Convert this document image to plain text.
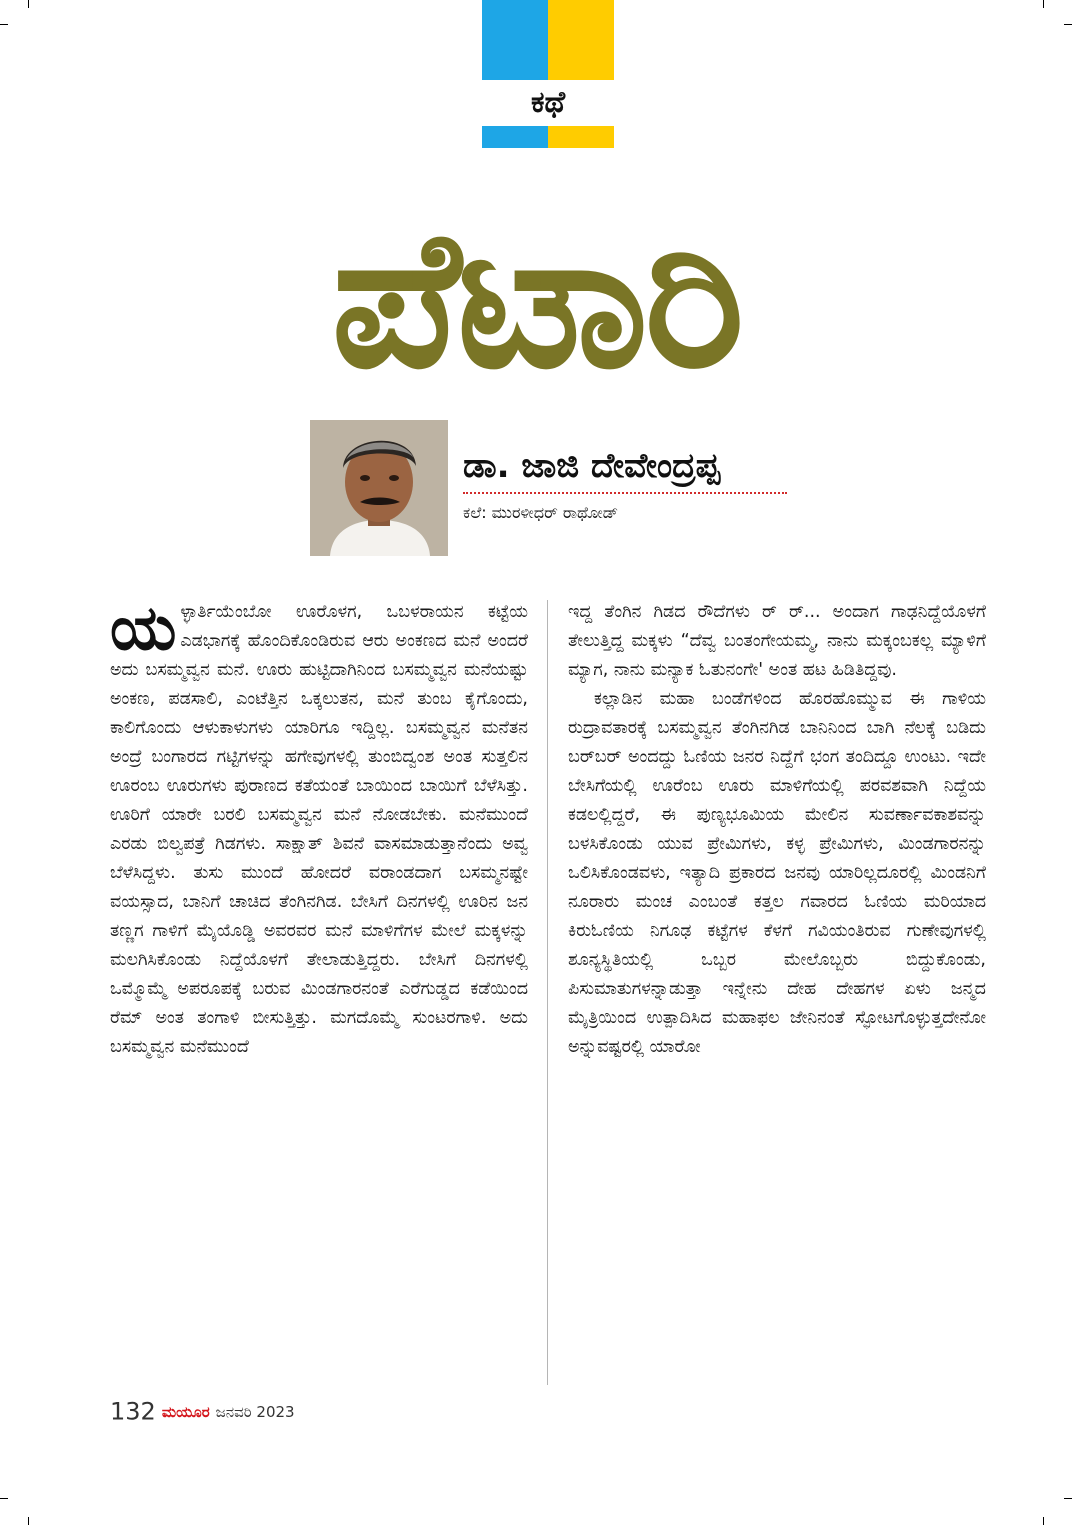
ಕಥೆ
ಪೆಟಾರಿ
ಡಾ. ಜಾಜಿ ದೇವೇಂದ್ರಪ್ಪ
ಕಲೆ: ಮುರಳೀಧರ್ ರಾಥೋಡ್

ಯಳ್ಳಾರ್ತಿಯೆಂಬೋ ಊರೊಳಗ, ಒಬಳರಾಯನ ಕಟ್ಟೆಯ ಎಡಭಾಗಕ್ಕೆ ಹೊಂದಿಕೊಂಡಿರುವ ಆರು ಅಂಕಣದ ಮನೆ ಅಂದರೆ ಅದು ಬಸಮ್ಮವ್ವನ ಮನೆ. ಊರು ಹುಟ್ಟಿದಾಗಿನಿಂದ ಬಸಮ್ಮವ್ವನ ಮನೆಯಷ್ಟು ಅಂಕಣ, ಪಡಸಾಲಿ, ಎಂಟೆತ್ತಿನ ಒಕ್ಕಲುತನ, ಮನೆ ತುಂಬ ಕೈಗೊಂದು, ಕಾಲಿಗೊಂದು ಆಳುಕಾಳುಗಳು ಯಾರಿಗೂ ಇದ್ದಿಲ್ಲ. ಬಸಮ್ಮವ್ವನ ಮನೆತನ ಅಂದ್ರೆ ಬಂಗಾರದ ಗಟ್ಟಿಗಳನ್ನು ಹಗೇವುಗಳಲ್ಲಿ ತುಂಬಿದ್ವಂಶ ಅಂತ ಸುತ್ತಲಿನ ಊರಂಬ ಊರುಗಳು ಪುರಾಣದ ಕತೆಯಂತೆ ಬಾಯಿಂದ ಬಾಯಿಗೆ ಬೆಳೆಸಿತ್ತು. ಊರಿಗೆ ಯಾರೇ ಬರಲಿ ಬಸಮ್ಮವ್ವನ ಮನೆ ನೋಡಬೇಕು. ಮನೆಮುಂದೆ ಎರಡು ಬಿಲ್ವಪತ್ರೆ ಗಿಡಗಳು. ಸಾಕ್ಷಾತ್ ಶಿವನೆ ವಾಸಮಾಡುತ್ತಾನೆಂದು ಅವ್ವ ಬೆಳೆಸಿದ್ದಳು. ತುಸು ಮುಂದೆ ಹೋದರೆ ವರಾಂಡದಾಗ ಬಸಮ್ಮನಷ್ಟೇ ವಯಸ್ಸಾದ, ಬಾನಿಗೆ ಚಾಚಿದ ತೆಂಗಿನಗಿಡ. ಬೇಸಿಗೆ ದಿನಗಳಲ್ಲಿ ಊರಿನ ಜನ ತಣ್ಣಗ ಗಾಳಿಗೆ ಮೈಯೊಡ್ಡಿ ಅವರವರ ಮನೆ ಮಾಳಿಗೆಗಳ ಮೇಲೆ ಮಕ್ಕಳನ್ನು ಮಲಗಿಸಿಕೊಂಡು ನಿದ್ದೆಯೊಳಗೆ ತೇಲಾಡುತ್ತಿದ್ದರು. ಬೇಸಿಗೆ ದಿನಗಳಲ್ಲಿ ಒಮ್ಮೊಮ್ಮೆ ಅಪರೂಪಕ್ಕೆ ಬರುವ ಮಿಂಡಗಾರನಂತೆ ಎರೆಗುಡ್ಡದ ಕಡೆಯಿಂದ ರೆಮ್ ಅಂತ ತಂಗಾಳಿ ಬೀಸುತ್ತಿತ್ತು. ಮಗದೊಮ್ಮೆ ಸುಂಟರಗಾಳಿ. ಅದು ಬಸಮ್ಮವ್ವನ ಮನೆಮುಂದೆ

ಇದ್ದ ತೆಂಗಿನ ಗಿಡದ ರೌದೆಗಳು ರ್ ರ್... ಅಂದಾಗ ಗಾಢನಿದ್ದೆಯೊಳಗೆ ತೇಲುತ್ತಿದ್ದ ಮಕ್ಕಳು “ದೆವ್ವ ಬಂತಂಗೇಯಮ್ಮ, ನಾನು ಮಕ್ಕಂಬಕಲ್ಲ ಮ್ಯಾಳಿಗೆ ಮ್ಯಾಗ, ನಾನು ಮನ್ಯಾಕ ಓತುನಂಗೇ' ಅಂತ ಹಟ ಹಿಡಿತಿದ್ದವು.

ಕಲ್ಲಾಡಿನ ಮಹಾ ಬಂಡೆಗಳಿಂದ ಹೊರಹೊಮ್ಮುವ ಈ ಗಾಳಿಯ ರುದ್ರಾವತಾರಕ್ಕೆ ಬಸಮ್ಮವ್ವನ ತೆಂಗಿನಗಿಡ ಬಾನಿನಿಂದ ಬಾಗಿ ನೆಲಕ್ಕೆ ಬಡಿದು ಬರ್‌ಬರ್ ಅಂದದ್ದು ಓಣಿಯ ಜನರ ನಿದ್ದೆಗೆ ಭಂಗ ತಂದಿದ್ದೂ ಉಂಟು. ಇದೇ ಬೇಸಿಗೆಯಲ್ಲಿ ಊರೆಂಬ ಊರು ಮಾಳಿಗೆಯಲ್ಲಿ ಪರವಶವಾಗಿ ನಿದ್ದೆಯ ಕಡಲಲ್ಲಿದ್ದರೆ, ಈ ಪುಣ್ಯಭೂಮಿಯ ಮೇಲಿನ ಸುವರ್ಣಾವಕಾಶವನ್ನು ಬಳಸಿಕೊಂಡು ಯುವ ಪ್ರೇಮಿಗಳು, ಕಳ್ಳ ಪ್ರೇಮಿಗಳು, ಮಿಂಡಗಾರನನ್ನು ಒಲಿಸಿಕೊಂಡವಳು, ಇತ್ಯಾದಿ ಪ್ರಕಾರದ ಜನವು ಯಾರಿಲ್ಲದೂರಲ್ಲಿ ಮಿಂಡನಿಗೆ ನೂರಾರು ಮಂಚ ಎಂಬಂತೆ ಕತ್ತಲ ಗವಾರದ ಓಣಿಯ ಮರಿಯಾದ ಕಿರುಓಣಿಯ ನಿಗೂಢ ಕಟ್ಟೆಗಳ ಕೆಳಗೆ ಗವಿಯಂತಿರುವ ಗುಣೇವುಗಳಲ್ಲಿ ಶೂನ್ಯಸ್ಥಿತಿಯಲ್ಲಿ ಒಬ್ಬರ ಮೇಲೊಬ್ಬರು ಬಿದ್ದುಕೊಂಡು, ಪಿಸುಮಾತುಗಳನ್ನಾಡುತ್ತಾ ಇನ್ನೇನು ದೇಹ ದೇಹಗಳ ಏಳು ಜನ್ಮದ ಮೈತ್ರಿಯಿಂದ ಉತ್ಪಾದಿಸಿದ ಮಹಾಫಲ ಜೇನಿನಂತೆ ಸ್ಫೋಟಗೊಳ್ಳುತ್ತದೇನೋ ಅನ್ನುವಷ್ಟರಲ್ಲಿ ಯಾರೋ

132 ಮಯೂರ ಜನವರಿ 2023
